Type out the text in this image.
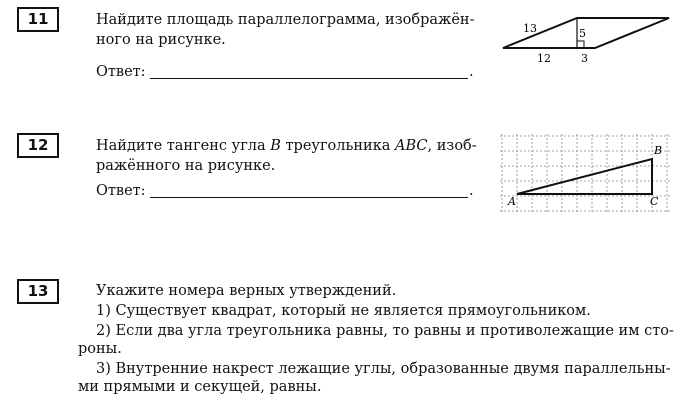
11	Найдите площадь параллелограмма, изображён-

ного на рисунке.

Ответ:	.
13	5
12	3
12	Найдите тангенс угла B треугольника ABC, изоб-

ражённого на рисунке.

Ответ:	.
A
B
C
13	Укажите номера верных утверждений.

1) Существует квадрат, который не является прямоугольником.

2) Если два угла треугольника равны, то равны и противолежащие им сто-

роны.

3) Внутренние накрест лежащие углы, образованные двумя параллельны-

ми прямыми и секущей, равны.
